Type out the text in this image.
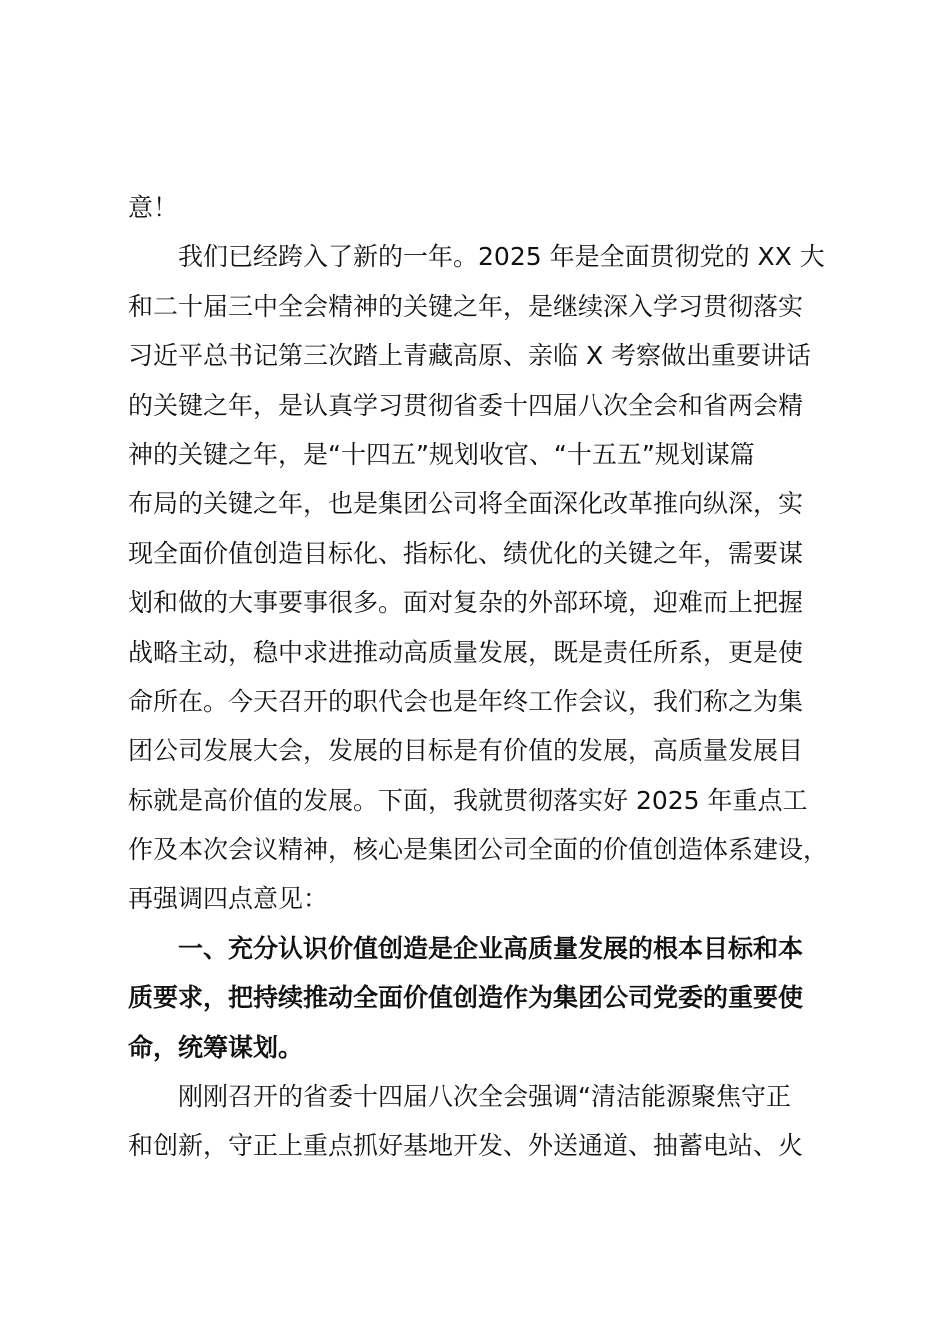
意！
我们已经跨入了新的一年。2025 年是全面贯彻党的 XX 大
和二十届三中全会精神的关键之年，是继续深入学习贯彻落实
习近平总书记第三次踏上青藏高原、亲临 X 考察做出重要讲话
的关键之年，是认真学习贯彻省委十四届八次全会和省两会精
神的关键之年，是“十四五”规划收官、“十五五”规划谋篇
布局的关键之年，也是集团公司将全面深化改革推向纵深，实
现全面价值创造目标化、指标化、绩优化的关键之年，需要谋
划和做的大事要事很多。面对复杂的外部环境，迎难而上把握
战略主动，稳中求进推动高质量发展，既是责任所系，更是使
命所在。今天召开的职代会也是年终工作会议，我们称之为集
团公司发展大会，发展的目标是有价值的发展，高质量发展目
标就是高价值的发展。下面，我就贯彻落实好 2025 年重点工
作及本次会议精神，核心是集团公司全面的价值创造体系建设，
再强调四点意见：
一、充分认识价值创造是企业高质量发展的根本目标和本
质要求，把持续推动全面价值创造作为集团公司党委的重要使
命，统筹谋划。
刚刚召开的省委十四届八次全会强调“清洁能源聚焦守正
和创新，守正上重点抓好基地开发、外送通道、抽蓄电站、火
